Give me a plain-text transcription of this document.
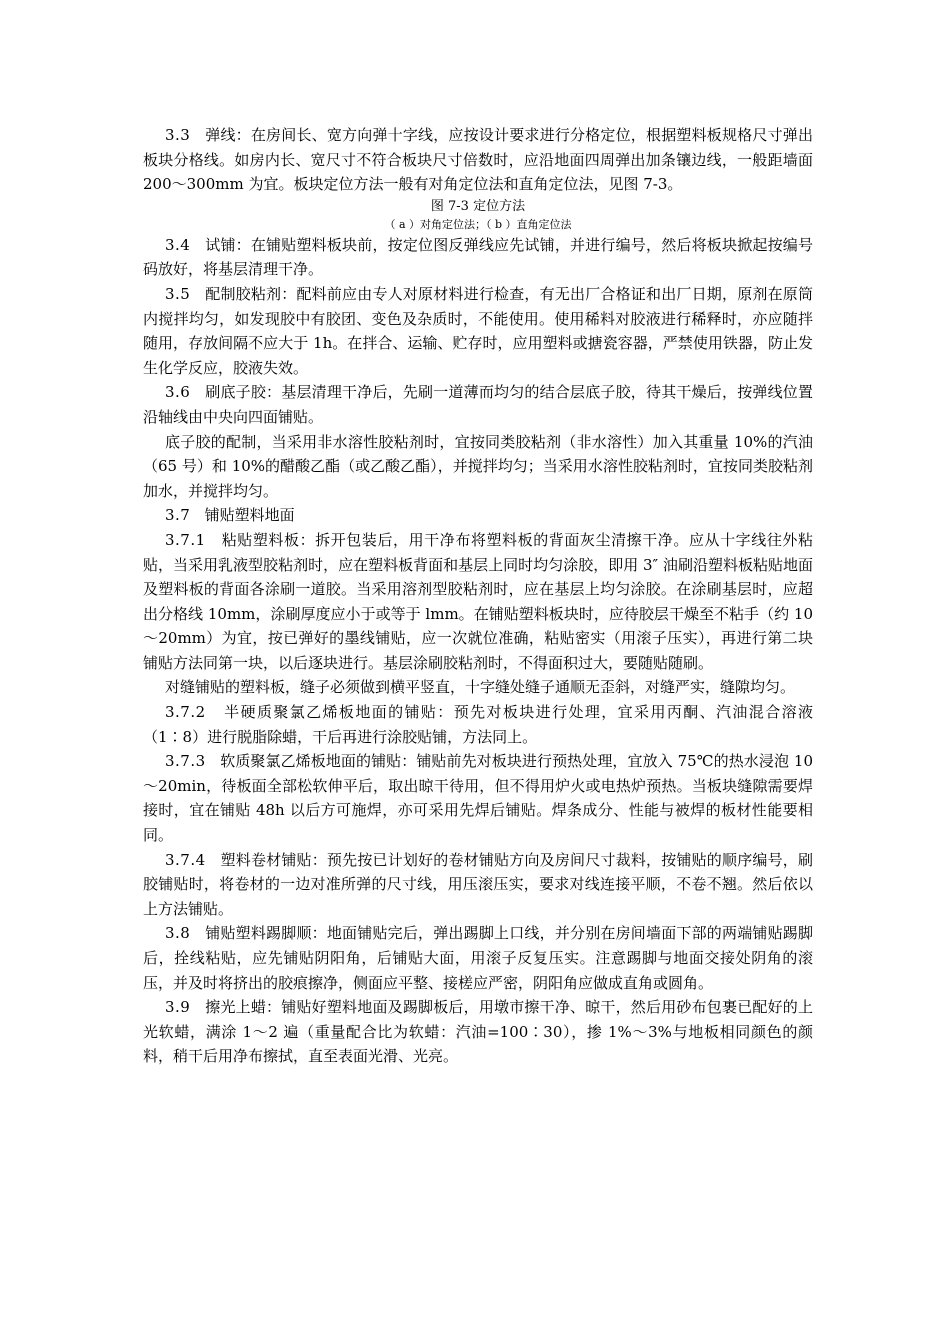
3.3 弹线：在房间长、宽方向弹十字线，应按设计要求进行分格定位，根据塑料板规格尺寸弹出板块分格线。如房内长、宽尺寸不符合板块尺寸倍数时，应沿地面四周弹出加条镶边线，一般距墙面 200～300mm 为宜。板块定位方法一般有对角定位法和直角定位法，见图 7-3。

图 7-3 定位方法

（ a ）对角定位法；（ b ）直角定位法

3.4 试铺：在铺贴塑料板块前，按定位图反弹线应先试铺，并进行编号，然后将板块掀起按编号码放好，将基层清理干净。

3.5 配制胶粘剂：配料前应由专人对原材料进行检查，有无出厂合格证和出厂日期，原剂在原筒内搅拌均匀，如发现胶中有胶团、变色及杂质时，不能使用。使用稀料对胶液进行稀释时，亦应随拌随用，存放间隔不应大于 1h。在拌合、运输、贮存时，应用塑料或搪瓷容器，严禁使用铁器，防止发生化学反应，胶液失效。

3.6 刷底子胶：基层清理干净后，先刷一道薄而均匀的结合层底子胶，待其干燥后，按弹线位置沿轴线由中央向四面铺贴。

底子胶的配制，当采用非水溶性胶粘剂时，宜按同类胶粘剂（非水溶性）加入其重量 10%的汽油（65 号）和 10%的醋酸乙酯（或乙酸乙酯），并搅拌均匀；当采用水溶性胶粘剂时，宜按同类胶粘剂加水，并搅拌均匀。

3.7 铺贴塑料地面

3.7.1 粘贴塑料板：拆开包装后，用干净布将塑料板的背面灰尘清擦干净。应从十字线往外粘贴，当采用乳液型胶粘剂时，应在塑料板背面和基层上同时均匀涂胶，即用 3″ 油刷沿塑料板粘贴地面及塑料板的背面各涂刷一道胶。当采用溶剂型胶粘剂时，应在基层上均匀涂胶。在涂刷基层时，应超出分格线 10mm，涂刷厚度应小于或等于 lmm。在铺贴塑料板块时，应待胶层干燥至不粘手（约 10～20mm）为宜，按已弹好的墨线铺贴，应一次就位准确，粘贴密实（用滚子压实），再进行第二块铺贴方法同第一块，以后逐块进行。基层涂刷胶粘剂时，不得面积过大，要随贴随刷。

对缝铺贴的塑料板，缝子必须做到横平竖直，十字缝处缝子通顺无歪斜，对缝严实，缝隙均匀。

3.7.2 半硬质聚氯乙烯板地面的铺贴：预先对板块进行处理，宜采用丙酮、汽油混合溶液（1∶8）进行脱脂除蜡，干后再进行涂胶贴铺，方法同上。

3.7.3 软质聚氯乙烯板地面的铺贴：铺贴前先对板块进行预热处理，宜放入 75℃的热水浸泡 10～20min，待板面全部松软伸平后，取出晾干待用，但不得用炉火或电热炉预热。当板块缝隙需要焊接时，宜在铺贴 48h 以后方可施焊，亦可采用先焊后铺贴。焊条成分、性能与被焊的板材性能要相同。

3.7.4 塑料卷材铺贴：预先按已计划好的卷材铺贴方向及房间尺寸裁料，按铺贴的顺序编号，刷胶铺贴时，将卷材的一边对准所弹的尺寸线，用压滚压实，要求对线连接平顺，不卷不翘。然后依以上方法铺贴。

3.8 铺贴塑料踢脚顺：地面铺贴完后，弹出踢脚上口线，并分别在房间墙面下部的两端铺贴踢脚后，拴线粘贴，应先铺贴阴阳角，后铺贴大面，用滚子反复压实。注意踢脚与地面交接处阴角的滚压，并及时将挤出的胶痕擦净，侧面应平整、接槎应严密，阴阳角应做成直角或圆角。

3.9 擦光上蜡：铺贴好塑料地面及踢脚板后，用墩市擦干净、晾干，然后用砂布包裹已配好的上光软蜡，满涂 1～2 遍（重量配合比为软蜡：汽油=100∶30），掺 1%～3%与地板相同颜色的颜料，稍干后用净布擦拭，直至表面光滑、光亮。
